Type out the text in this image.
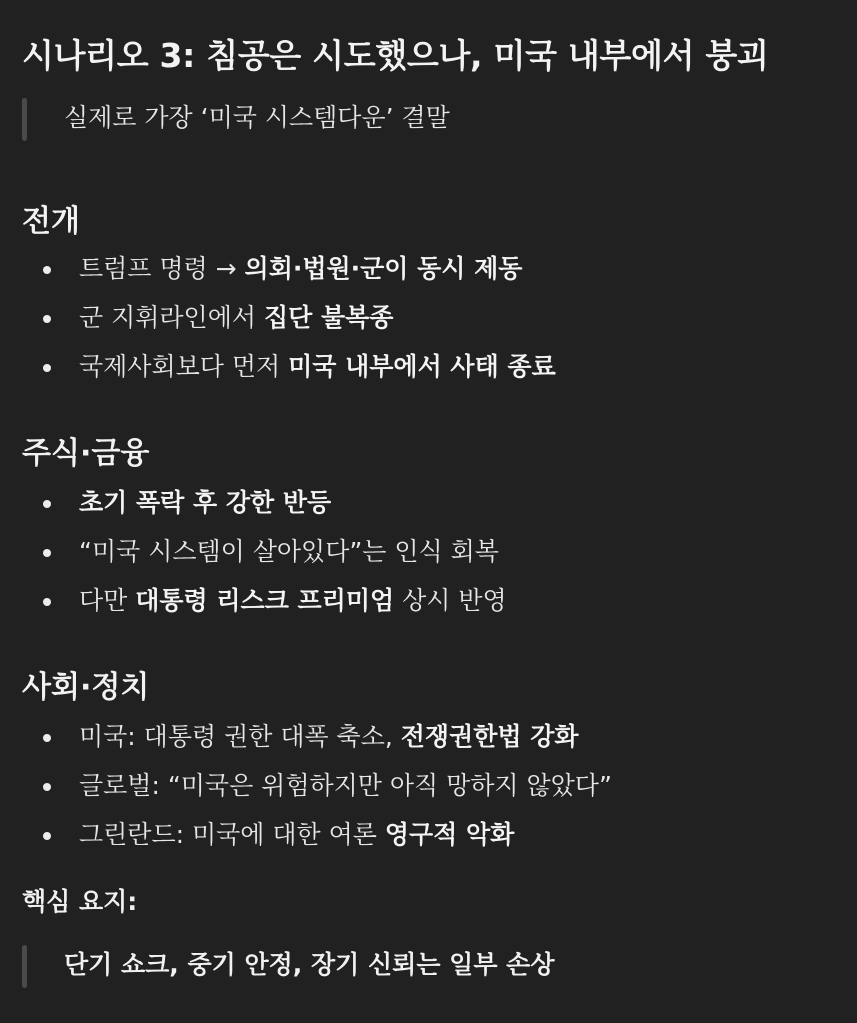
시나리오 3: 침공은 시도했으나, 미국 내부에서 붕괴
실제로 가장 ‘미국 시스템다운’ 결말
전개
트럼프 명령 → 의회·법원·군이 동시 제동
군 지휘라인에서 집단 불복종
국제사회보다 먼저 미국 내부에서 사태 종료
주식·금융
초기 폭락 후 강한 반등
“미국 시스템이 살아있다”는 인식 회복
다만 대통령 리스크 프리미엄 상시 반영
사회·정치
미국: 대통령 권한 대폭 축소, 전쟁권한법 강화
글로벌: “미국은 위험하지만 아직 망하지 않았다”
그린란드: 미국에 대한 여론 영구적 악화

핵심 요지:

단기 쇼크, 중기 안정, 장기 신뢰는 일부 손상
